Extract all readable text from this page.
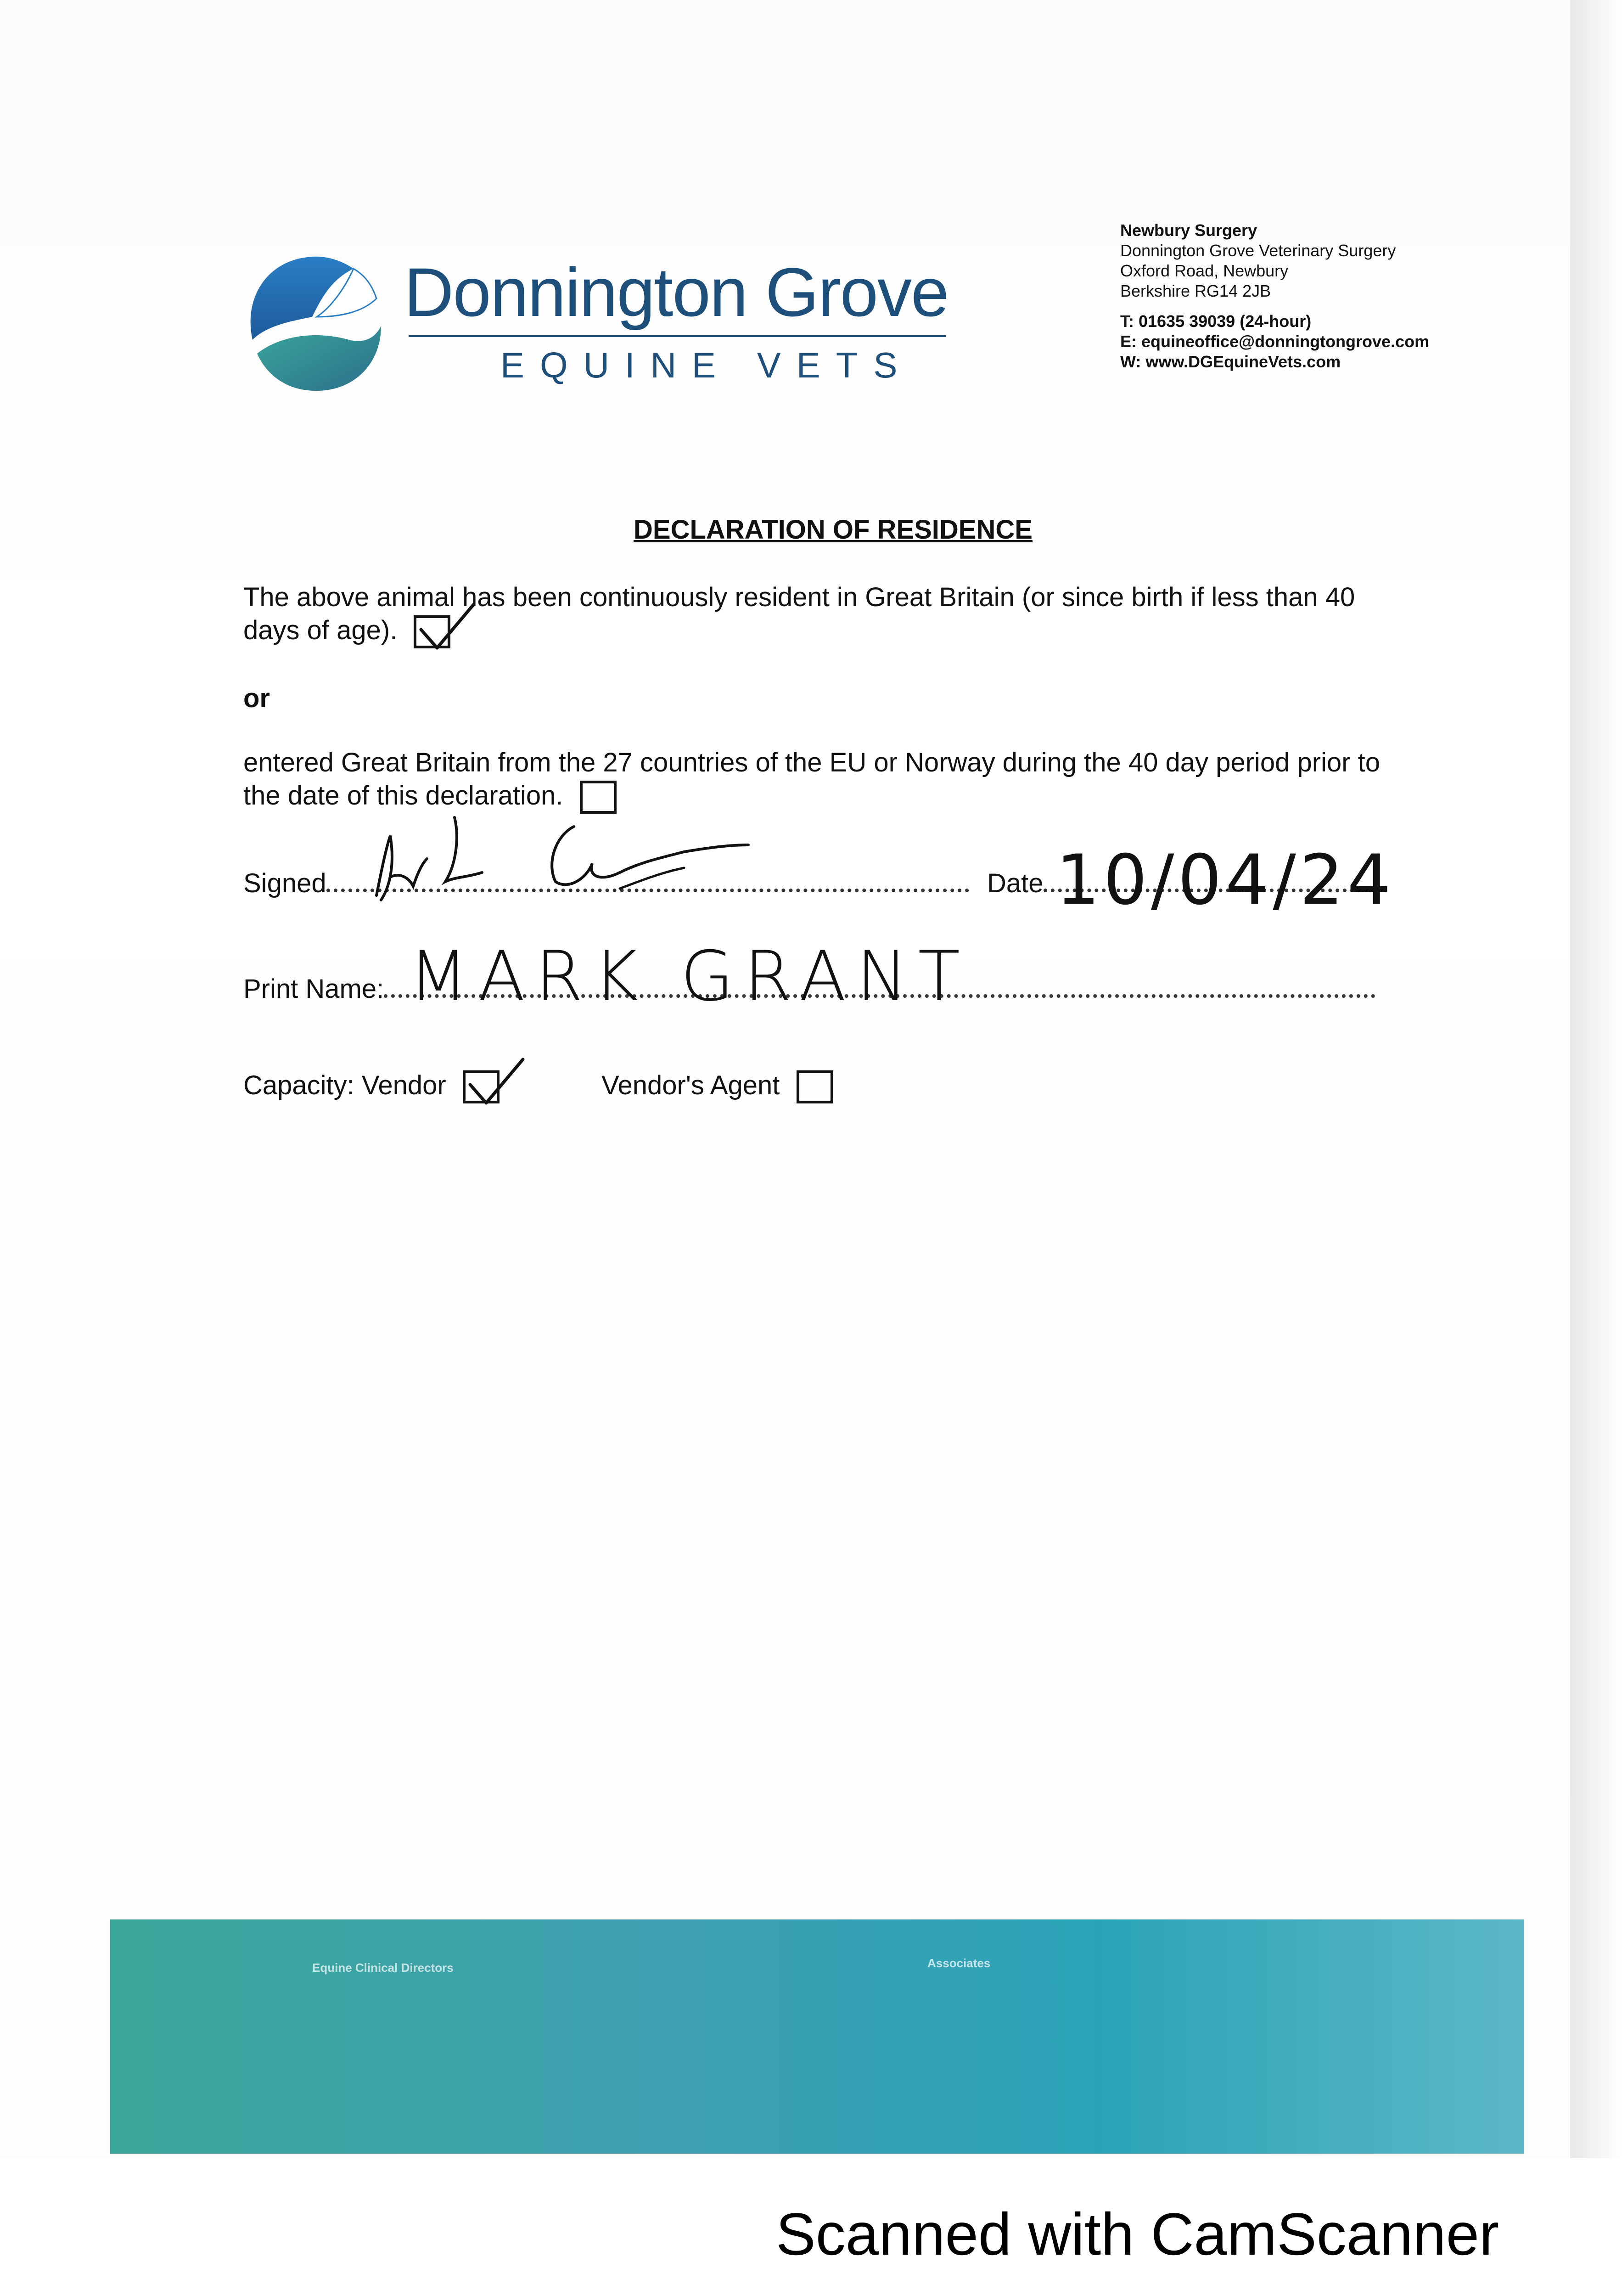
Donnington Grove
EQUINE VETS
Newbury Surgery
Donnington Grove Veterinary Surgery
Oxford Road, Newbury
Berkshire RG14 2JB
T: 01635 39039 (24-hour)
E: equineoffice@donningtongrove.com
W: www.DGEquineVets.com
DECLARATION OF RESIDENCE
The above animal has been continuously resident in Great Britain (or since birth if less than 40 days of age).
or
entered Great Britain from the 27 countries of the EU or Norway during the 40 day period prior to the date of this declaration.
Signed	Date 10/04/24
Print Name: MARK GRANT
Capacity: Vendor	Vendor's Agent
Equine Clinical Directors	Associates
Scanned with CamScanner
